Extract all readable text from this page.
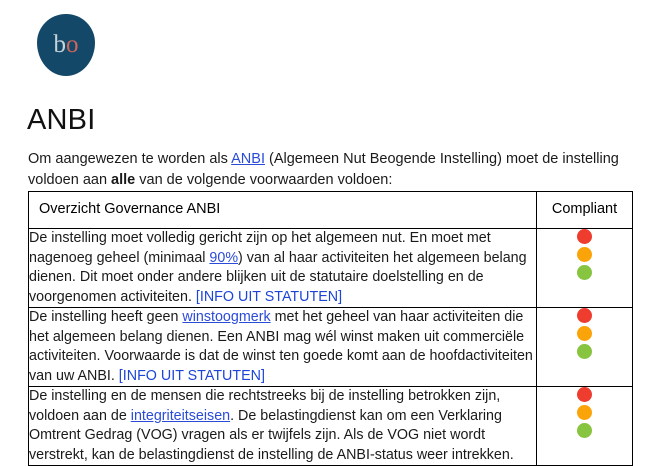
bo
ANBI

Om aangewezen te worden als ANBI (Algemeen Nut Beogende Instelling) moet de instelling voldoen aan alle van de volgende voorwaarden voldoen:

Overzicht Governance ANBI	Compliant
De instelling moet volledig gericht zijn op het algemeen nut. En moet met nagenoeg geheel (minimaal 90%) van al haar activiteiten het algemeen belang dienen. Dit moet onder andere blijken uit de statutaire doelstelling en de voorgenomen activiteiten. [INFO UIT STATUTEN]	

De instelling heeft geen winstoogmerk met het geheel van haar activiteiten die het algemeen belang dienen. Een ANBI mag wél winst maken uit commerciële activiteiten. Voorwaarde is dat de winst ten goede komt aan de hoofdactiviteiten van uw ANBI. [INFO UIT STATUTEN]	

De instelling en de mensen die rechtstreeks bij de instelling betrokken zijn, voldoen aan de integriteitseisen. De belastingdienst kan om een Verklaring Omtrent Gedrag (VOG) vragen als er twijfels zijn. Als de VOG niet wordt verstrekt, kan de belastingdienst de instelling de ANBI-status weer intrekken.	
